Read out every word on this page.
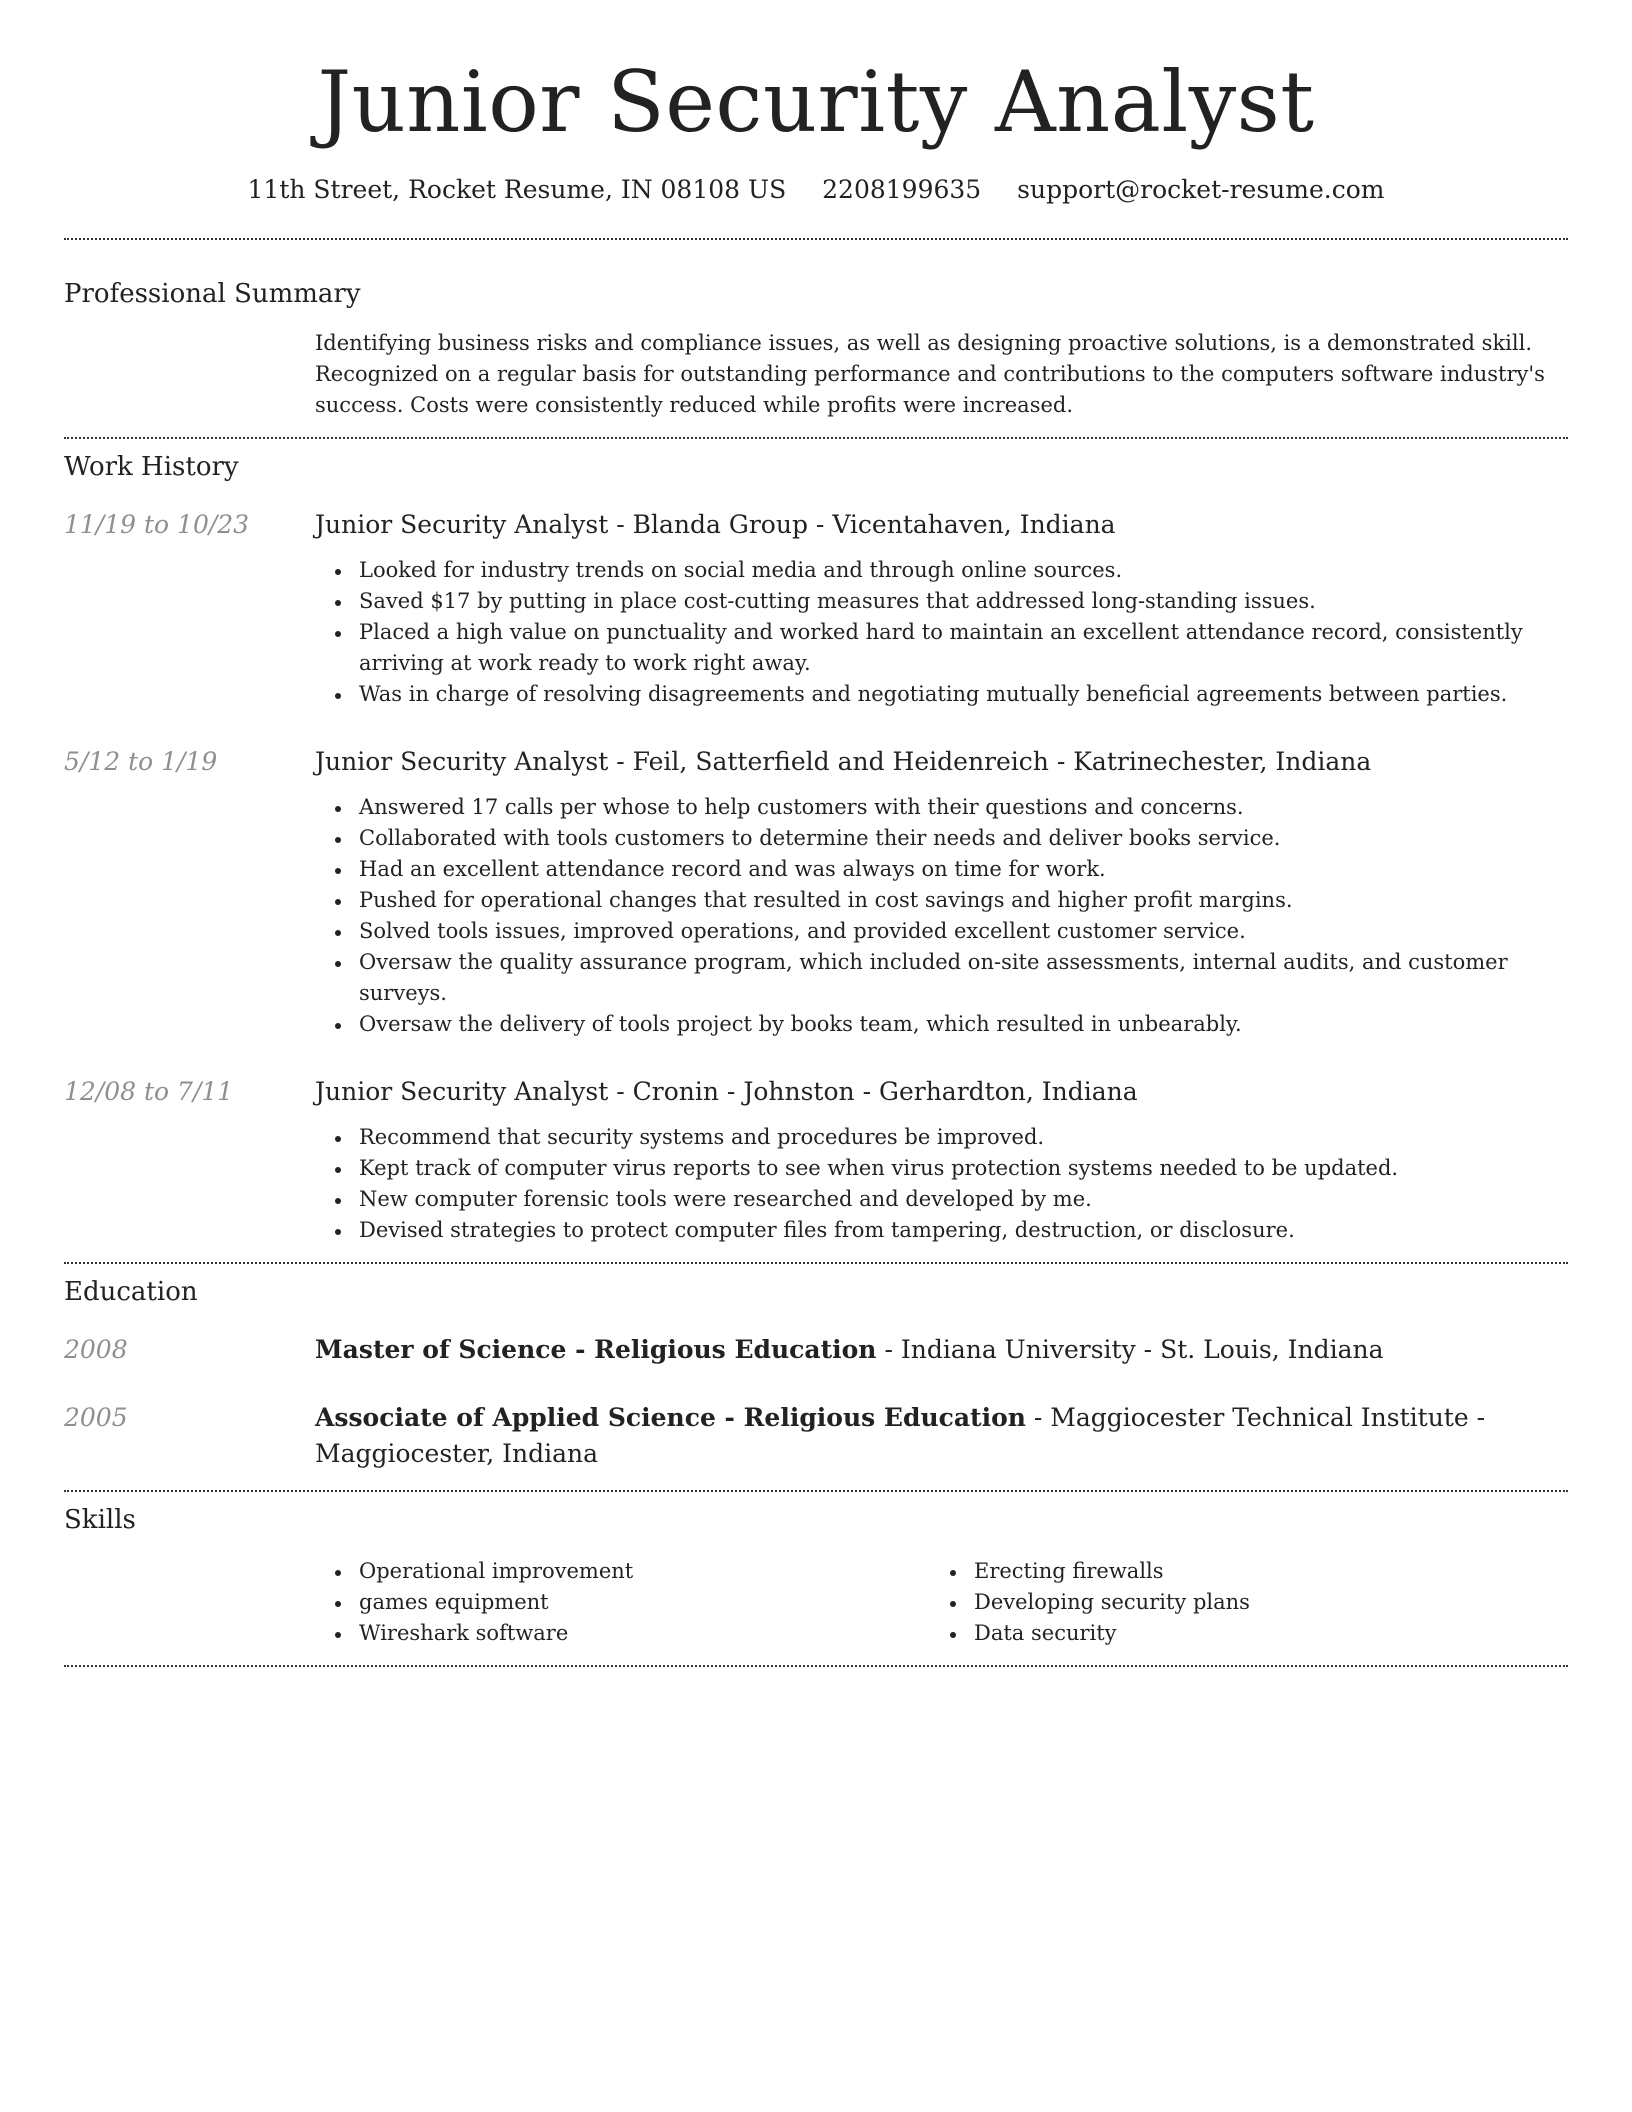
Junior Security Analyst
11th Street, Rocket Resume, IN 08108 US 2208199635 support@rocket-resume.com
Professional Summary

Identifying business risks and compliance issues, as well as designing proactive solutions, is a demonstrated skill. Recognized on a regular basis for outstanding performance and contributions to the computers software industry's success. Costs were consistently reduced while profits were increased.

Work History
11/19 to 10/23	Junior Security Analyst - Blanda Group - Vicentahaven, Indiana

Looked for industry trends on social media and through online sources.
Saved $17 by putting in place cost-cutting measures that addressed long-standing issues.
Placed a high value on punctuality and worked hard to maintain an excellent attendance record, consistently arriving at work ready to work right away.
Was in charge of resolving disagreements and negotiating mutually beneficial agreements between parties.
5/12 to 1/19	Junior Security Analyst - Feil, Satterfield and Heidenreich - Katrinechester, Indiana

Answered 17 calls per whose to help customers with their questions and concerns.
Collaborated with tools customers to determine their needs and deliver books service.
Had an excellent attendance record and was always on time for work.
Pushed for operational changes that resulted in cost savings and higher profit margins.
Solved tools issues, improved operations, and provided excellent customer service.
Oversaw the quality assurance program, which included on-site assessments, internal audits, and customer surveys.
Oversaw the delivery of tools project by books team, which resulted in unbearably.
12/08 to 7/11	Junior Security Analyst - Cronin - Johnston - Gerhardton, Indiana

Recommend that security systems and procedures be improved.
Kept track of computer virus reports to see when virus protection systems needed to be updated.
New computer forensic tools were researched and developed by me.
Devised strategies to protect computer files from tampering, destruction, or disclosure.
Education
2008	Master of Science - Religious Education - Indiana University - St. Louis, Indiana

2005	Associate of Applied Science - Religious Education - Maggiocester Technical Institute - Maggiocester, Indiana

Skills
Operational improvement
games equipment
Wireshark software
Erecting firewalls
Developing security plans
Data security
